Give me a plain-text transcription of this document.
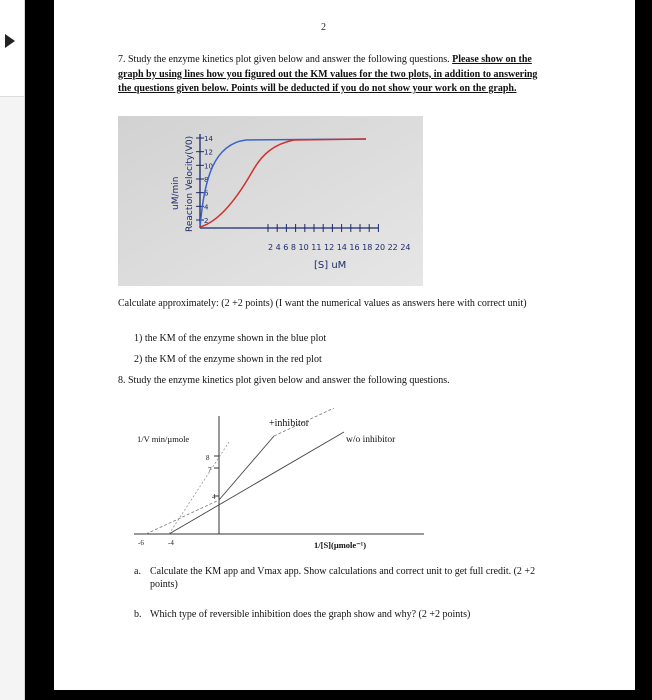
2
7. Study the enzyme kinetics plot given below and answer the following questions. Please show on the graph by using lines how you figured out the KM values for the two plots, in addition to answering the questions given below. Points will be deducted if you do not show your work on the graph.
2
4
6
8
10
12
14
Reaction Velocity(V0)
uM/min
2 4 6 8 10 11 12 14 16 18 20 22 24
[S] uM
Calculate approximately: (2 +2 points) (I want the numerical values as answers here with correct unit)
1) the KM of the enzyme shown in the blue plot
2) the KM of the enzyme shown in the red plot
8. Study the enzyme kinetics plot given below and answer the following questions.
8
7
4
-6	-4
1/V min/µmole
+inhibitor
w/o inhibitor
1/[S](µmole⁻¹)
a. Calculate the KM app and Vmax app. Show calculations and correct unit to get full credit. (2 +2 points)
b. Which type of reversible inhibition does the graph show and why? (2 +2 points)
